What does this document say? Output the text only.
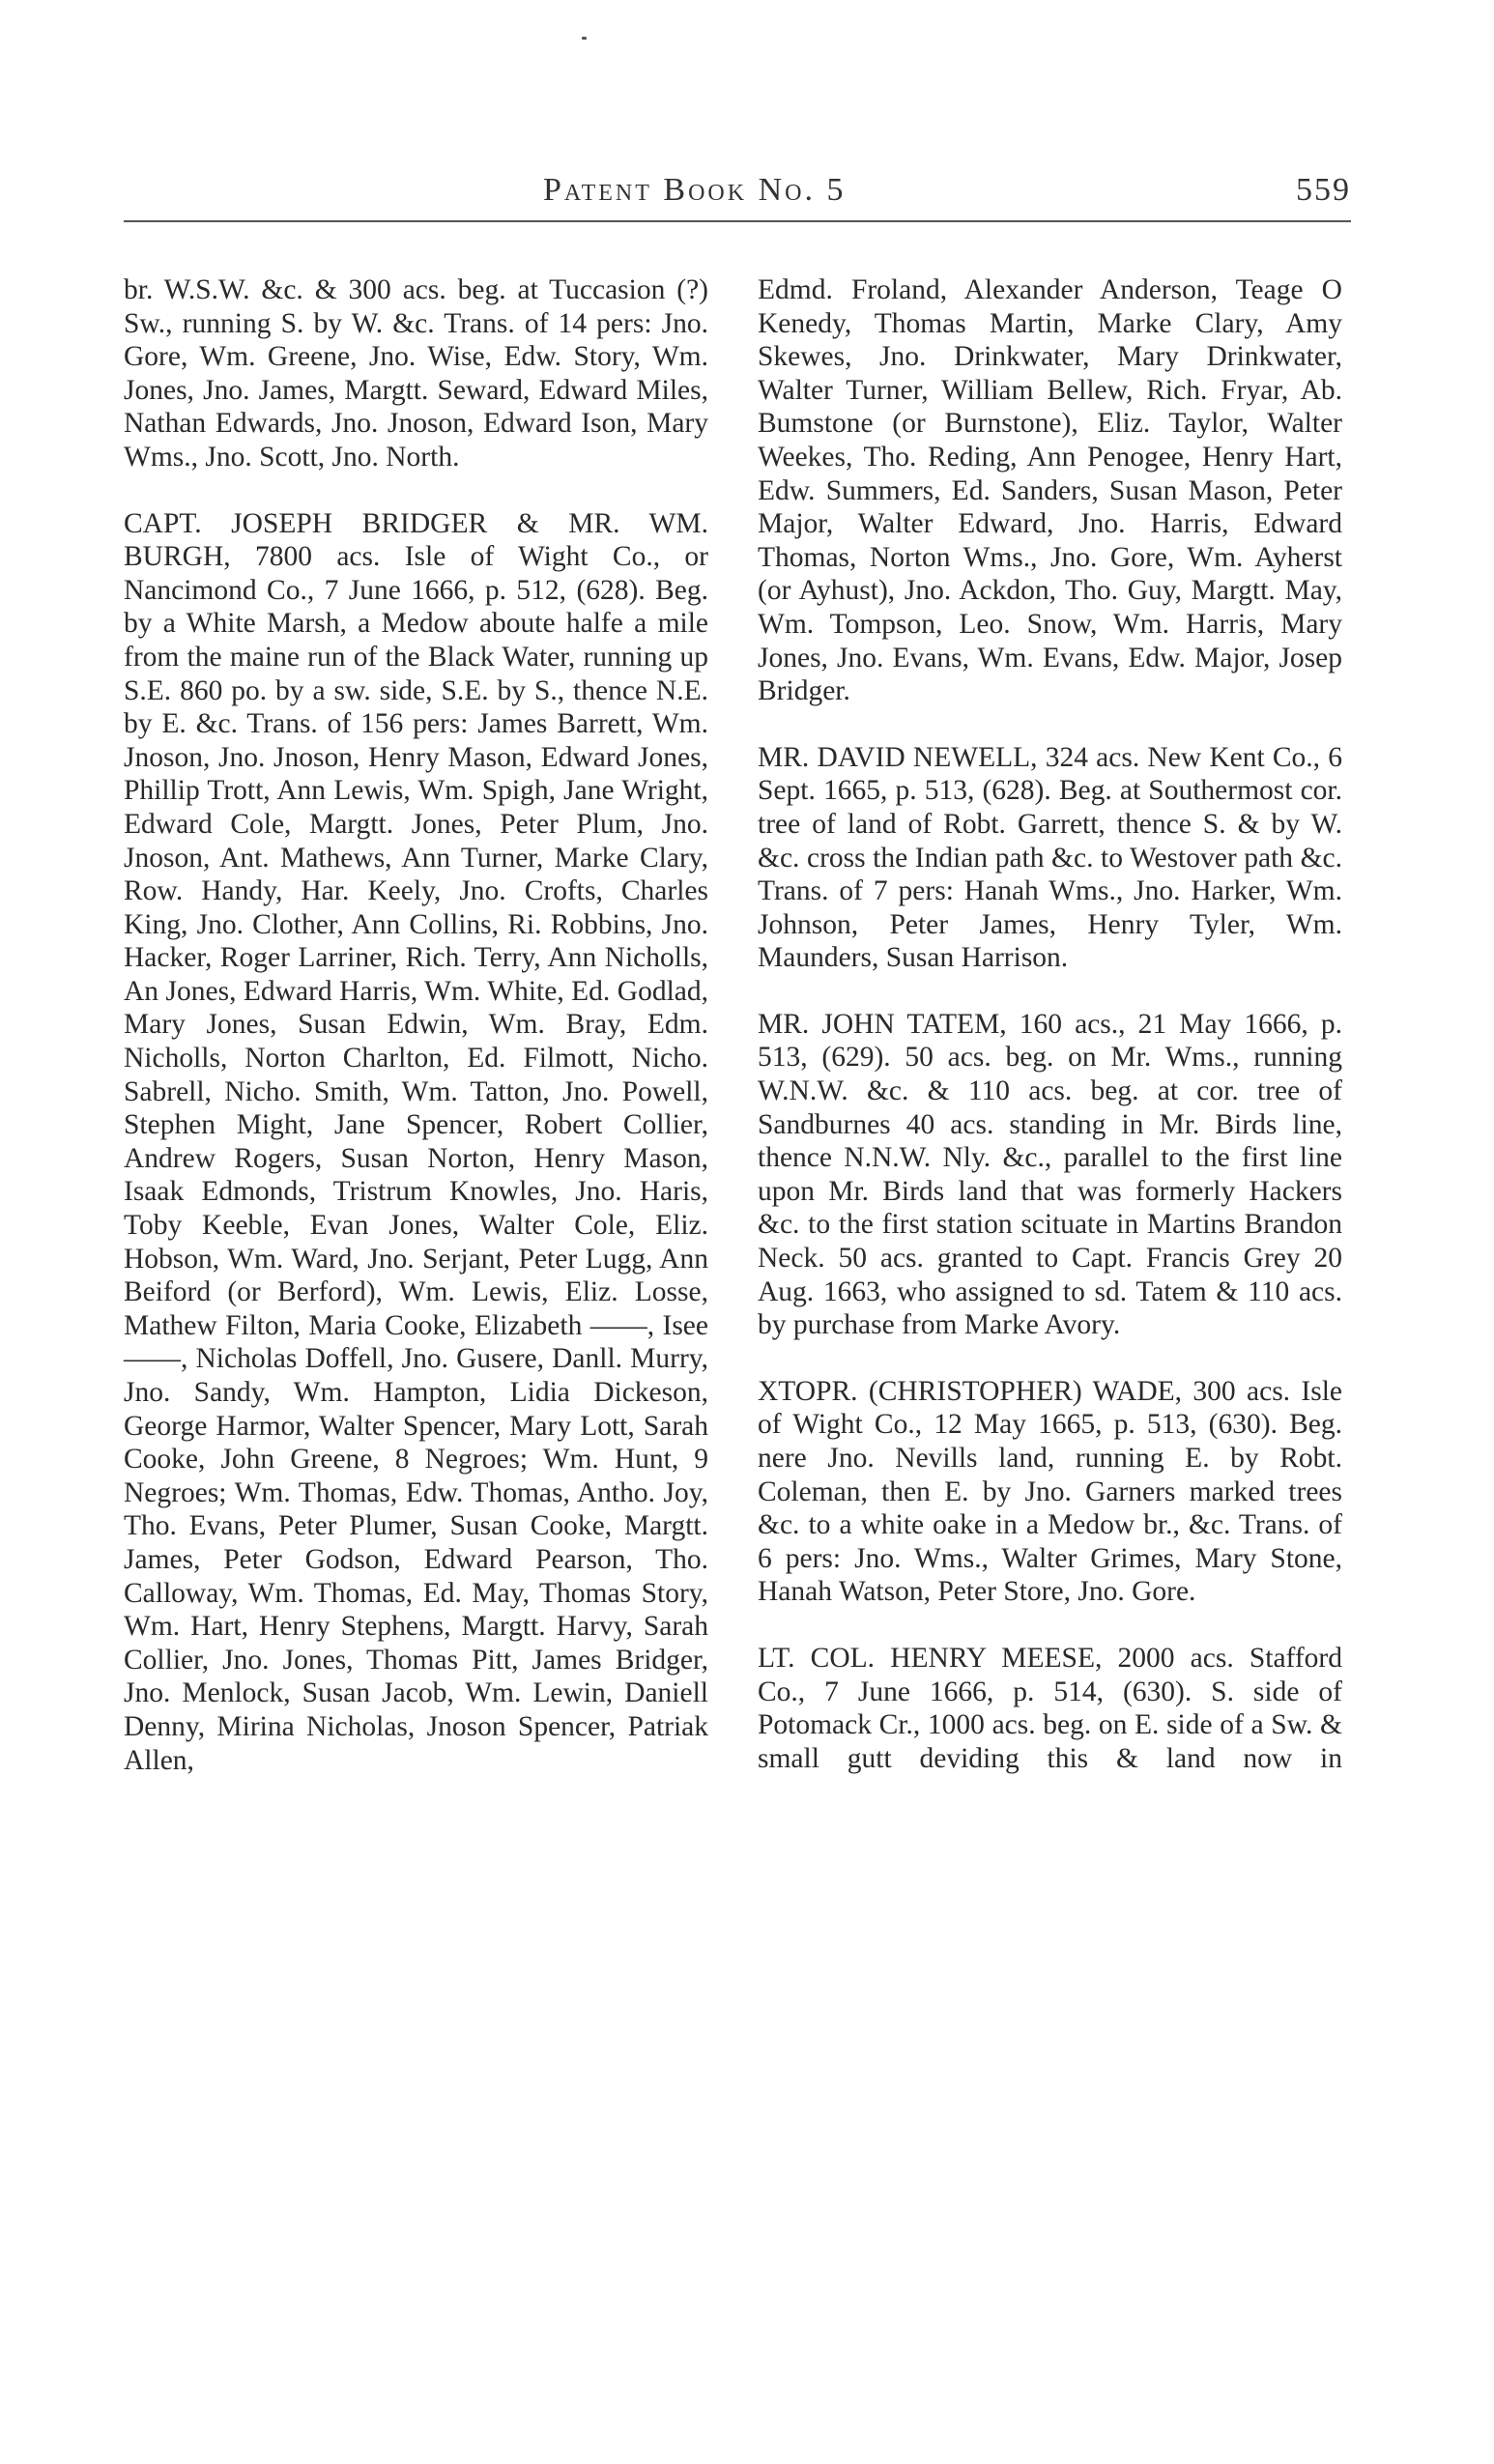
Patent Book No. 5	559

br. W.S.W. &c. & 300 acs. beg. at Tuccasion (?) Sw., running S. by W. &c. Trans. of 14 pers: Jno. Gore, Wm. Greene, Jno. Wise, Edw. Story, Wm. Jones, Jno. James, Margtt. Seward, Edward Miles, Nathan Edwards, Jno. Jnoson, Edward Ison, Mary Wms., Jno. Scott, Jno. North.

CAPT. JOSEPH BRIDGER & MR. WM. BURGH, 7800 acs. Isle of Wight Co., or Nancimond Co., 7 June 1666, p. 512, (628). Beg. by a White Marsh, a Medow aboute halfe a mile from the maine run of the Black Water, running up S.E. 860 po. by a sw. side, S.E. by S., thence N.E. by E. &c. Trans. of 156 pers: James Barrett, Wm. Jnoson, Jno. Jnoson, Henry Mason, Edward Jones, Phillip Trott, Ann Lewis, Wm. Spigh, Jane Wright, Edward Cole, Margtt. Jones, Peter Plum, Jno. Jnoson, Ant. Mathews, Ann Turner, Marke Clary, Row. Handy, Har. Keely, Jno. Crofts, Charles King, Jno. Clother, Ann Collins, Ri. Robbins, Jno. Hacker, Roger Larriner, Rich. Terry, Ann Nicholls, An Jones, Edward Harris, Wm. White, Ed. Godlad, Mary Jones, Susan Edwin, Wm. Bray, Edm. Nicholls, Norton Charlton, Ed. Filmott, Nicho. Sabrell, Nicho. Smith, Wm. Tatton, Jno. Powell, Stephen Might, Jane Spencer, Robert Collier, Andrew Rogers, Susan Norton, Henry Mason, Isaak Edmonds, Tristrum Knowles, Jno. Haris, Toby Keeble, Evan Jones, Walter Cole, Eliz. Hobson, Wm. Ward, Jno. Serjant, Peter Lugg, Ann Beiford (or Berford), Wm. Lewis, Eliz. Losse, Mathew Filton, Maria Cooke, Elizabeth ——, Isee ——, Nicholas Doffell, Jno. Gusere, Danll. Murry, Jno. Sandy, Wm. Hampton, Lidia Dickeson, George Harmor, Walter Spencer, Mary Lott, Sarah Cooke, John Greene, 8 Negroes; Wm. Hunt, 9 Negroes; Wm. Thomas, Edw. Thomas, Antho. Joy, Tho. Evans, Peter Plumer, Susan Cooke, Margtt. James, Peter Godson, Edward Pearson, Tho. Calloway, Wm. Thomas, Ed. May, Thomas Story, Wm. Hart, Henry Stephens, Margtt. Harvy, Sarah Collier, Jno. Jones, Thomas Pitt, James Bridger, Jno. Menlock, Susan Jacob, Wm. Lewin, Daniell Denny, Mirina Nicholas, Jnoson Spencer, Patriak Allen,

Edmd. Froland, Alexander Anderson, Teage O Kenedy, Thomas Martin, Marke Clary, Amy Skewes, Jno. Drinkwater, Mary Drinkwater, Walter Turner, William Bellew, Rich. Fryar, Ab. Bumstone (or Burnstone), Eliz. Taylor, Walter Weekes, Tho. Reding, Ann Penogee, Henry Hart, Edw. Summers, Ed. Sanders, Susan Mason, Peter Major, Walter Edward, Jno. Harris, Edward Thomas, Norton Wms., Jno. Gore, Wm. Ayherst (or Ayhust), Jno. Ackdon, Tho. Guy, Margtt. May, Wm. Tompson, Leo. Snow, Wm. Harris, Mary Jones, Jno. Evans, Wm. Evans, Edw. Major, Josep Bridger.

MR. DAVID NEWELL, 324 acs. New Kent Co., 6 Sept. 1665, p. 513, (628). Beg. at Southermost cor. tree of land of Robt. Garrett, thence S. & by W. &c. cross the Indian path &c. to Westover path &c. Trans. of 7 pers: Hanah Wms., Jno. Harker, Wm. Johnson, Peter James, Henry Tyler, Wm. Maunders, Susan Harrison.

MR. JOHN TATEM, 160 acs., 21 May 1666, p. 513, (629). 50 acs. beg. on Mr. Wms., running W.N.W. &c. & 110 acs. beg. at cor. tree of Sandburnes 40 acs. standing in Mr. Birds line, thence N.N.W. Nly. &c., parallel to the first line upon Mr. Birds land that was formerly Hackers &c. to the first station scituate in Martins Brandon Neck. 50 acs. granted to Capt. Francis Grey 20 Aug. 1663, who assigned to sd. Tatem & 110 acs. by purchase from Marke Avory.

XTOPR. (CHRISTOPHER) WADE, 300 acs. Isle of Wight Co., 12 May 1665, p. 513, (630). Beg. nere Jno. Nevills land, running E. by Robt. Coleman, then E. by Jno. Garners marked trees &c. to a white oake in a Medow br., &c. Trans. of 6 pers: Jno. Wms., Walter Grimes, Mary Stone, Hanah Watson, Peter Store, Jno. Gore.

LT. COL. HENRY MEESE, 2000 acs. Stafford Co., 7 June 1666, p. 514, (630). S. side of Potomack Cr., 1000 acs. beg. on E. side of a Sw. & small gutt deviding this & land now in
